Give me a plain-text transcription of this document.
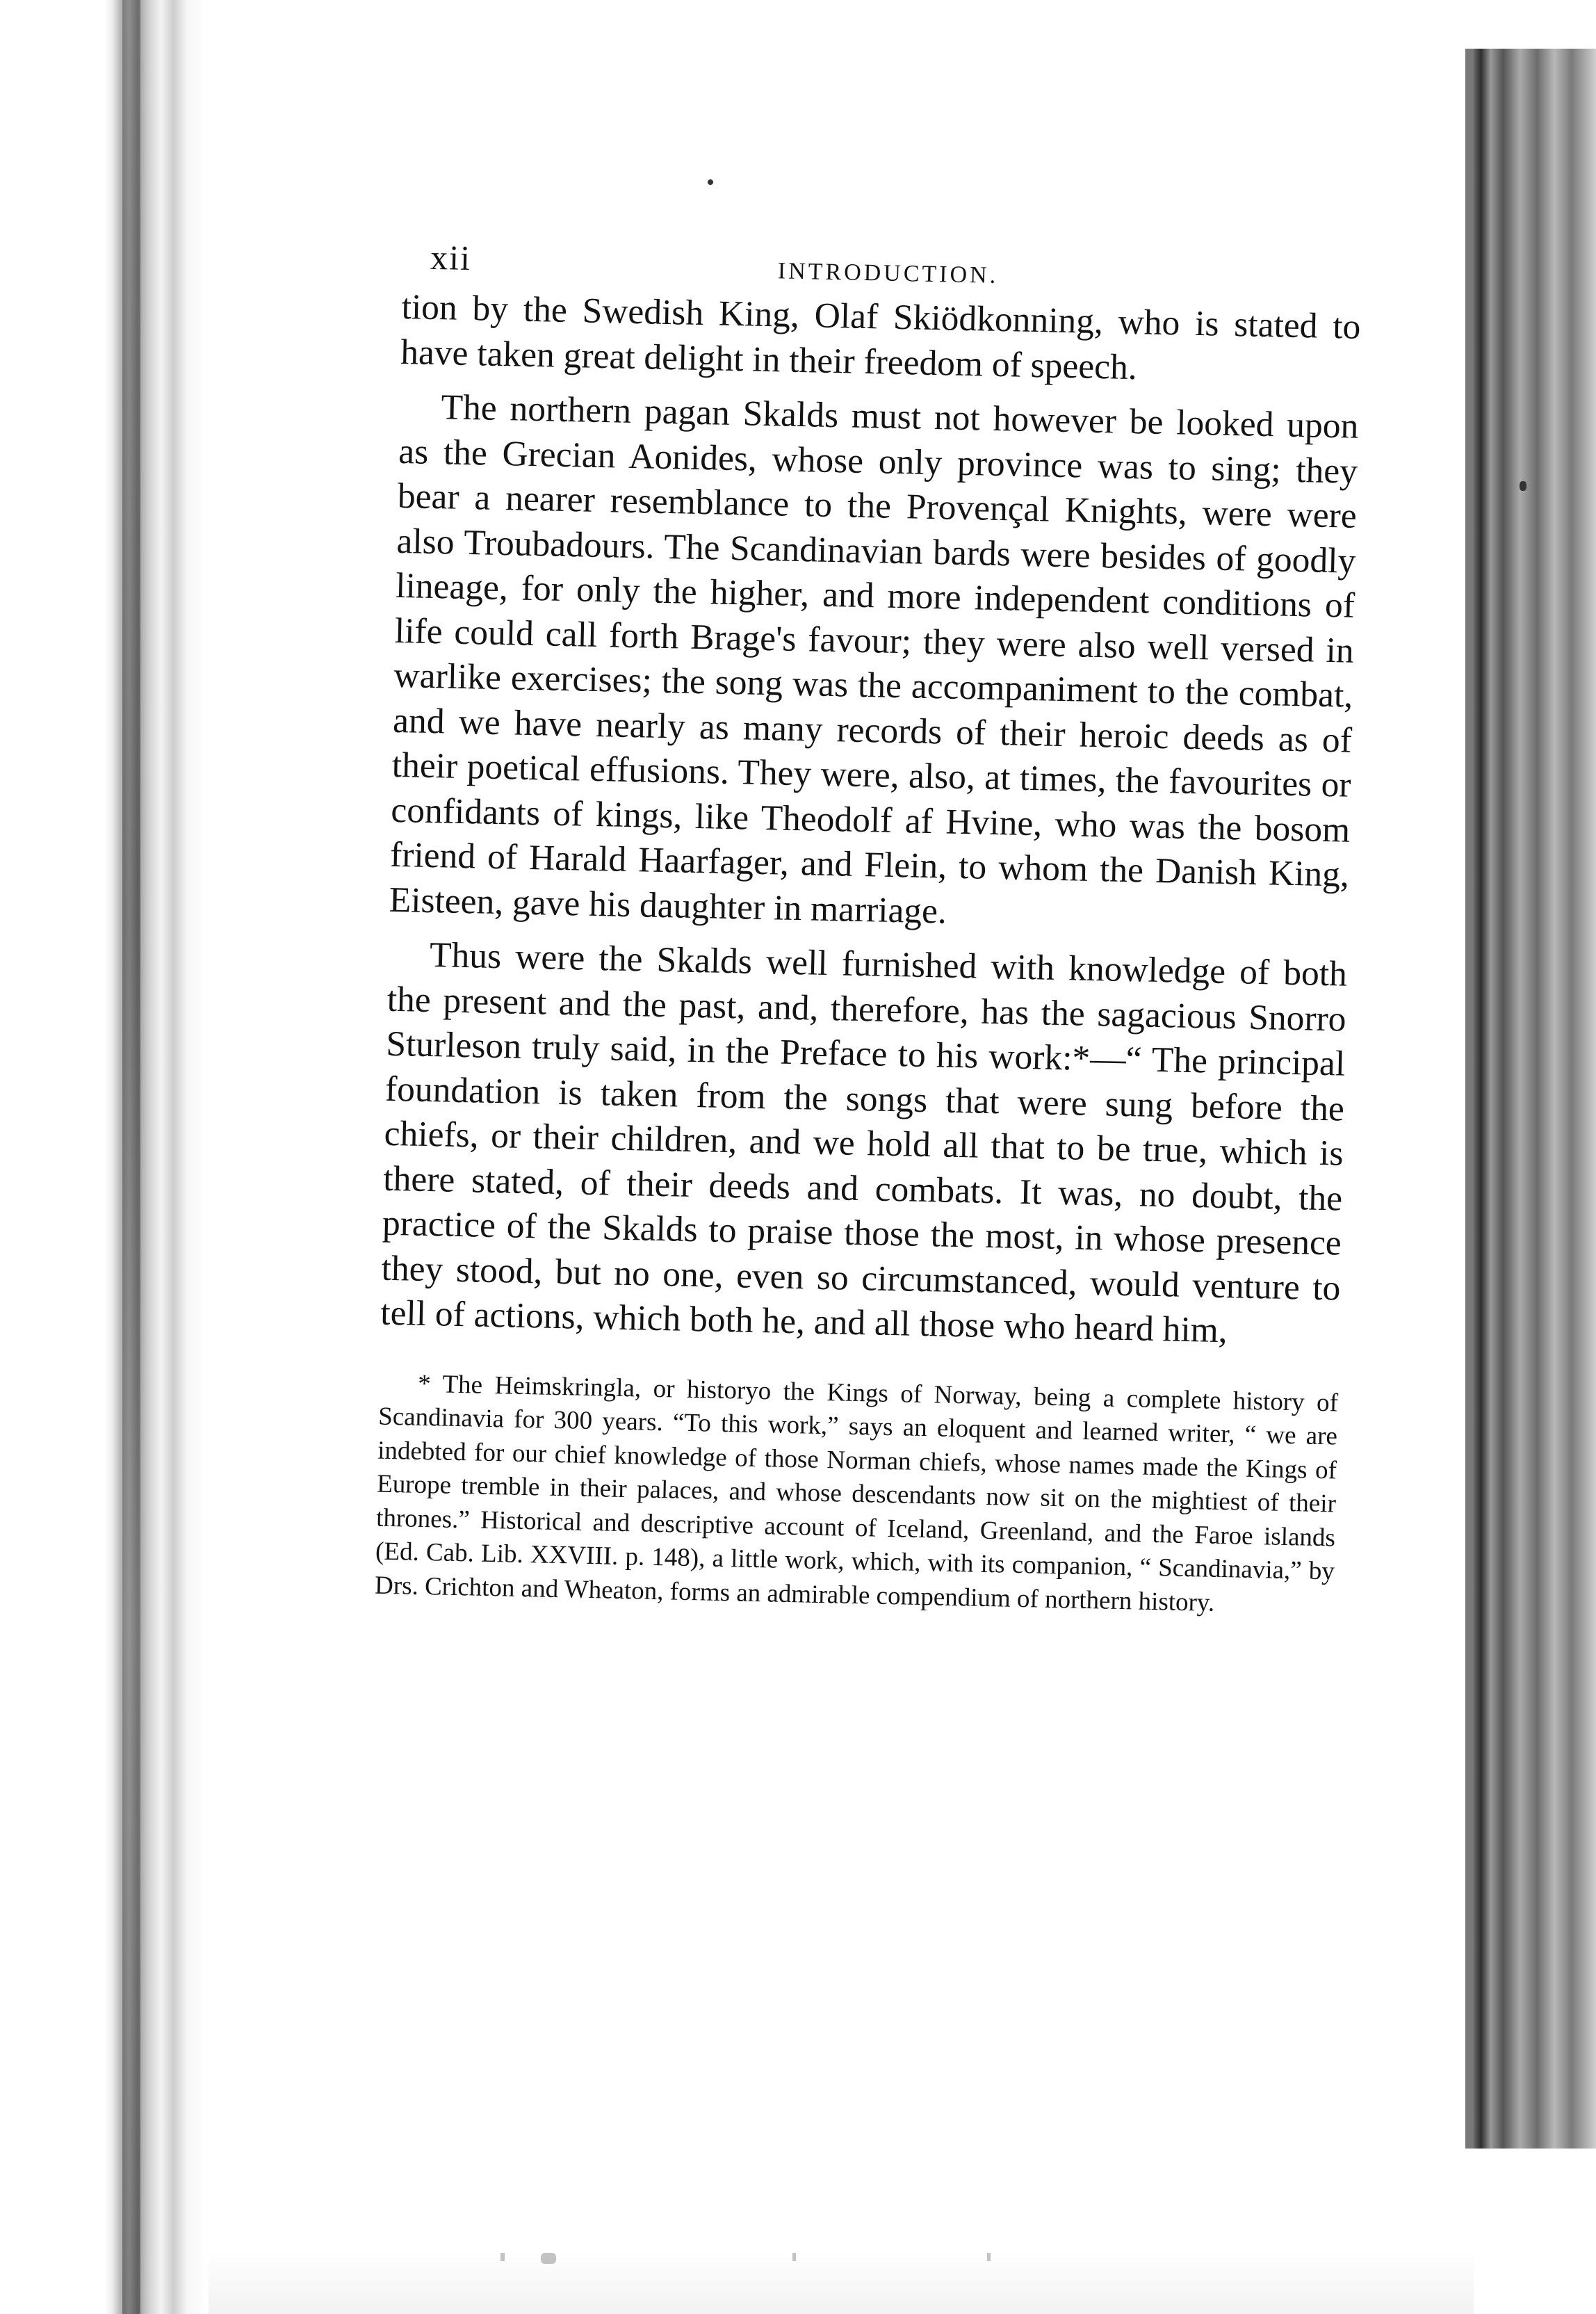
xii	INTRODUCTION.

tion by the Swedish King, Olaf Skiödkonning, who is stated to have taken great delight in their freedom of speech.

The northern pagan Skalds must not however be looked upon as the Grecian Aonides, whose only province was to sing; they bear a nearer resemblance to the Provençal Knights, were were also Troubadours. The Scandinavian bards were besides of goodly lineage, for only the higher, and more independent conditions of life could call forth Brage's favour; they were also well versed in warlike exercises; the song was the accompaniment to the combat, and we have nearly as many records of their heroic deeds as of their poetical effusions. They were, also, at times, the favourites or confidants of kings, like Theodolf af Hvine, who was the bosom friend of Harald Haarfager, and Flein, to whom the Danish King, Eisteen, gave his daughter in marriage.

Thus were the Skalds well furnished with knowledge of both the present and the past, and, therefore, has the sagacious Snorro Sturleson truly said, in the Preface to his work:*—“ The principal foundation is taken from the songs that were sung before the chiefs, or their children, and we hold all that to be true, which is there stated, of their deeds and combats. It was, no doubt, the practice of the Skalds to praise those the most, in whose presence they stood, but no one, even so circumstanced, would venture to tell of actions, which both he, and all those who heard him,

* The Heimskringla, or historyo the Kings of Norway, being a complete history of Scandinavia for 300 years. “To this work,” says an eloquent and learned writer, “ we are indebted for our chief knowledge of those Norman chiefs, whose names made the Kings of Europe tremble in their palaces, and whose descendants now sit on the mightiest of their thrones.” Historical and descriptive account of Iceland, Greenland, and the Faroe islands (Ed. Cab. Lib. XXVIII. p. 148), a little work, which, with its companion, “ Scandinavia,” by Drs. Crichton and Wheaton, forms an admirable compendium of northern history.
